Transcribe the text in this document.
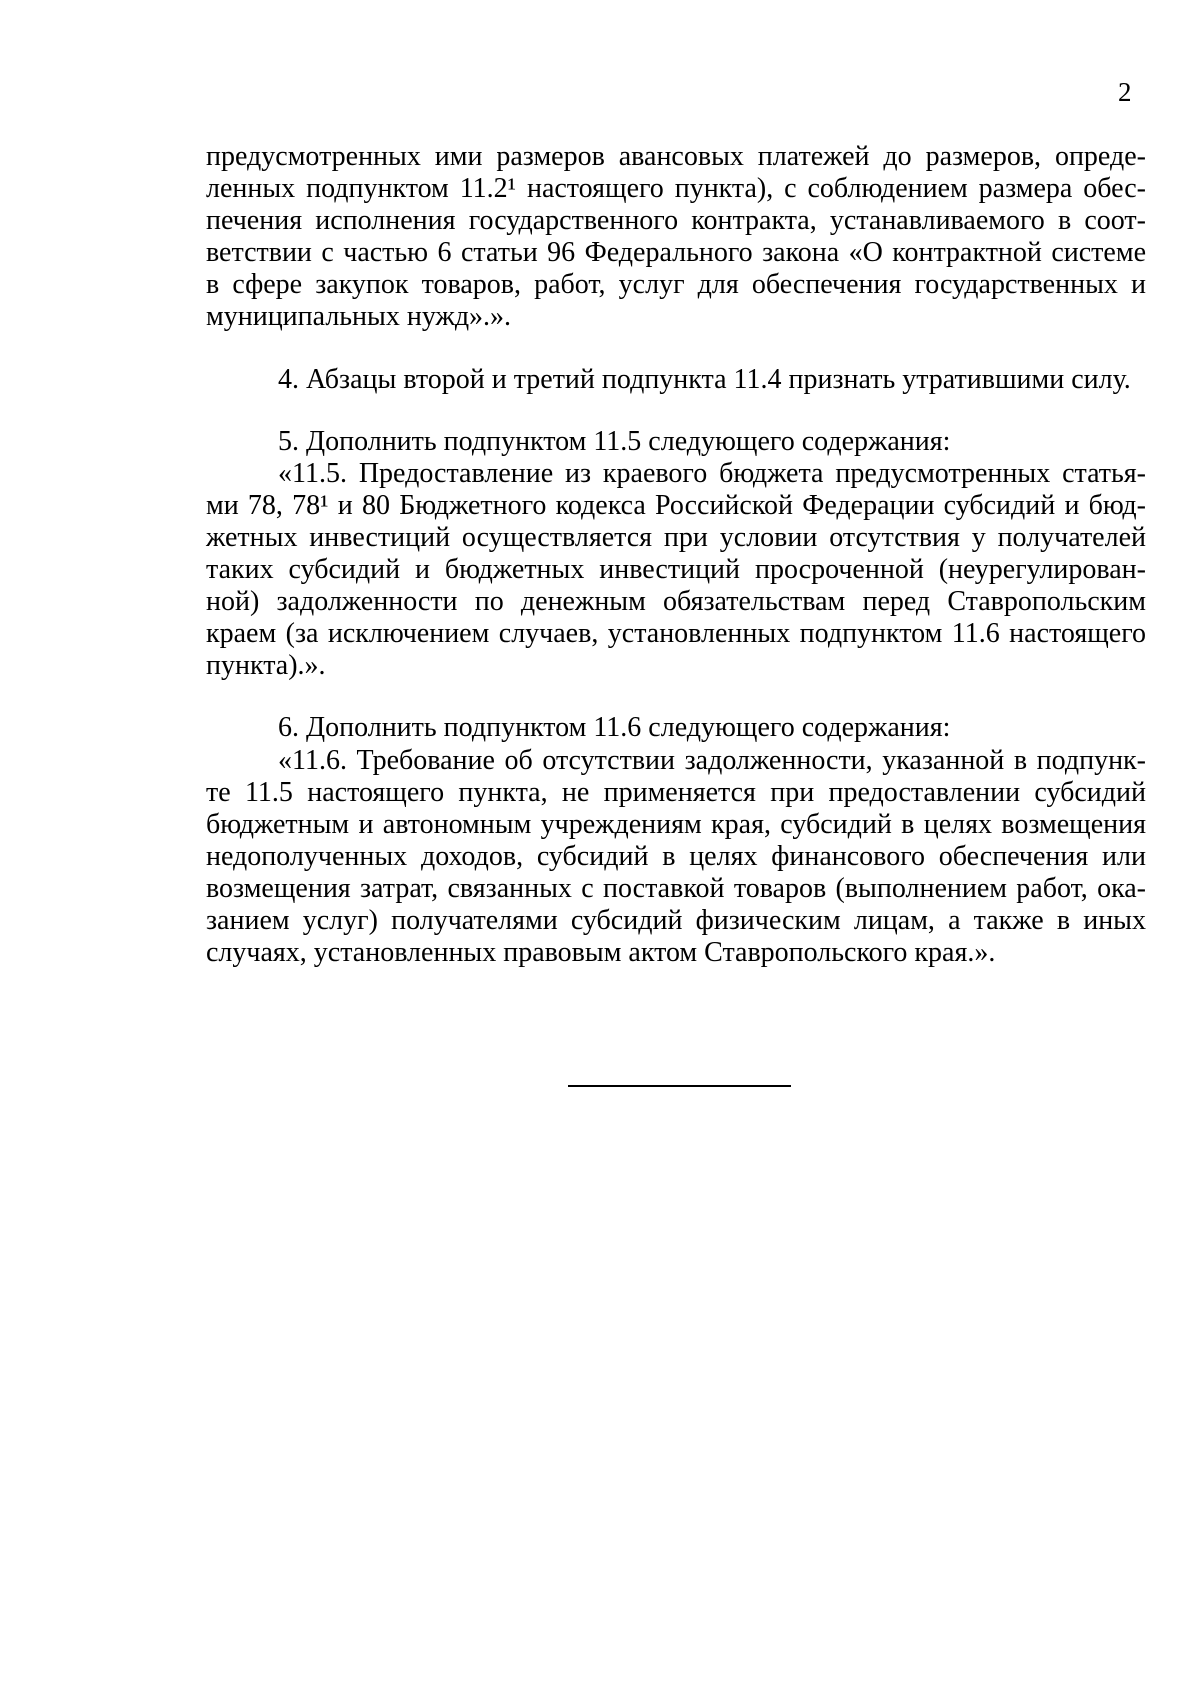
2
предусмотренных ими размеров авансовых платежей до размеров, опреде-
ленных подпунктом 11.2¹ настоящего пункта), с соблюдением размера обес-
печения исполнения государственного контракта, устанавливаемого в соот-
ветствии с частью 6 статьи 96 Федерального закона «О контрактной системе
в сфере закупок товаров, работ, услуг для обеспечения государственных и
муниципальных нужд».».
4. Абзацы второй и третий подпункта 11.4 признать утратившими силу.
5. Дополнить подпунктом 11.5 следующего содержания:
«11.5. Предоставление из краевого бюджета предусмотренных статья-
ми 78, 78¹ и 80 Бюджетного кодекса Российской Федерации субсидий и бюд-
жетных инвестиций осуществляется при условии отсутствия у получателей
таких субсидий и бюджетных инвестиций просроченной (неурегулирован-
ной) задолженности по денежным обязательствам перед Ставропольским
краем (за исключением случаев, установленных подпунктом 11.6 настоящего
пункта).».
6. Дополнить подпунктом 11.6 следующего содержания:
«11.6. Требование об отсутствии задолженности, указанной в подпунк-
те 11.5 настоящего пункта, не применяется при предоставлении субсидий
бюджетным и автономным учреждениям края, субсидий в целях возмещения
недополученных доходов, субсидий в целях финансового обеспечения или
возмещения затрат, связанных с поставкой товаров (выполнением работ, ока-
занием услуг) получателями субсидий физическим лицам, а также в иных
случаях, установленных правовым актом Ставропольского края.».
